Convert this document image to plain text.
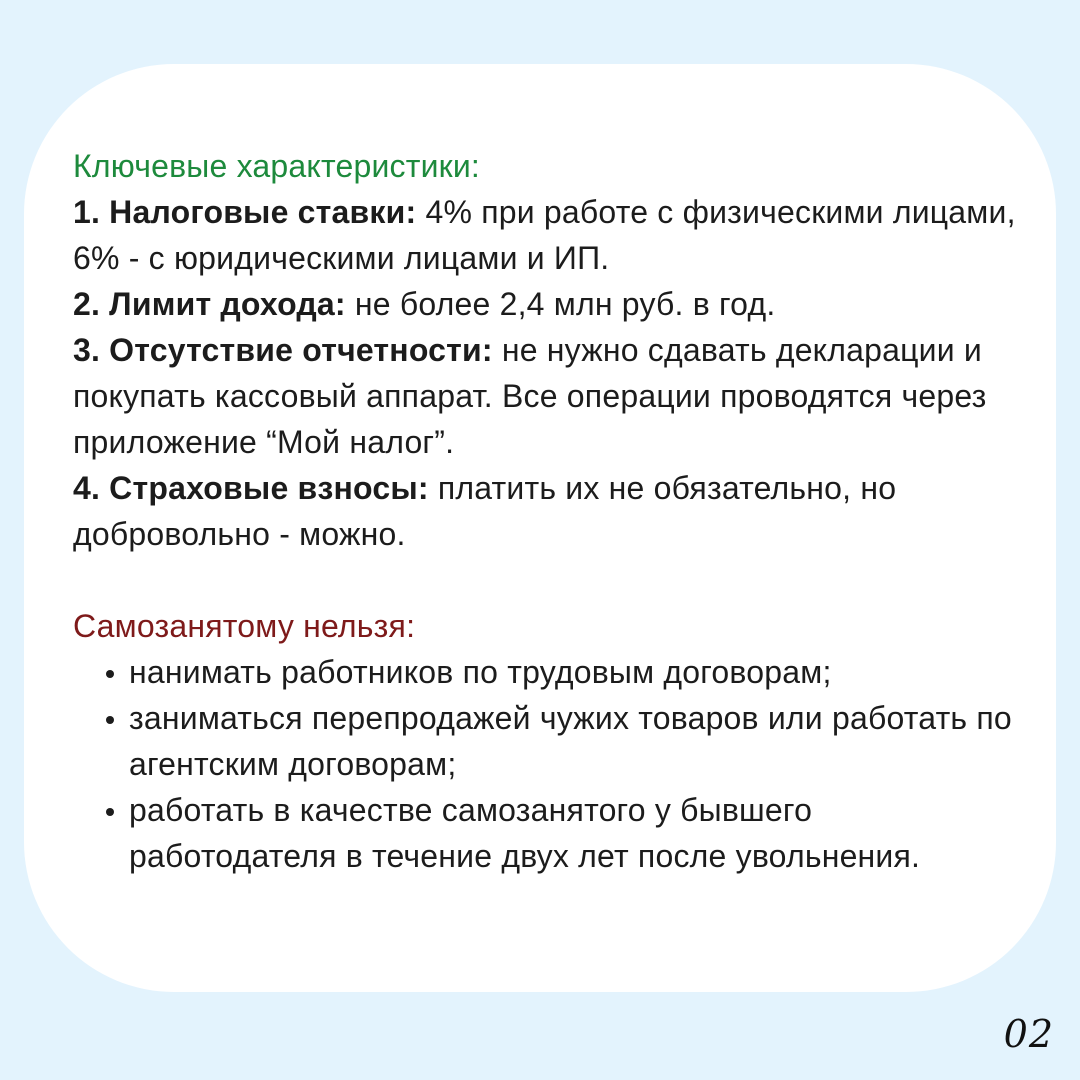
Ключевые характеристики:

1. Налоговые ставки: 4% при работе с физическими лицами, 6% - с юридическими лицами и ИП.

2. Лимит дохода: не более 2,4 млн руб. в год.

3. Отсутствие отчетности: не нужно сдавать декларации и покупать кассовый аппарат. Все операции проводятся через приложение “Мой налог”.

4. Страховые взносы: платить их не обязательно, но добровольно - можно.

Самозанятому нельзя:
нанимать работников по трудовым договорам;
заниматься перепродажей чужих товаров или работать по агентским договорам;
работать в качестве самозанятого у бывшего работодателя в течение двух лет после увольнения.
02
